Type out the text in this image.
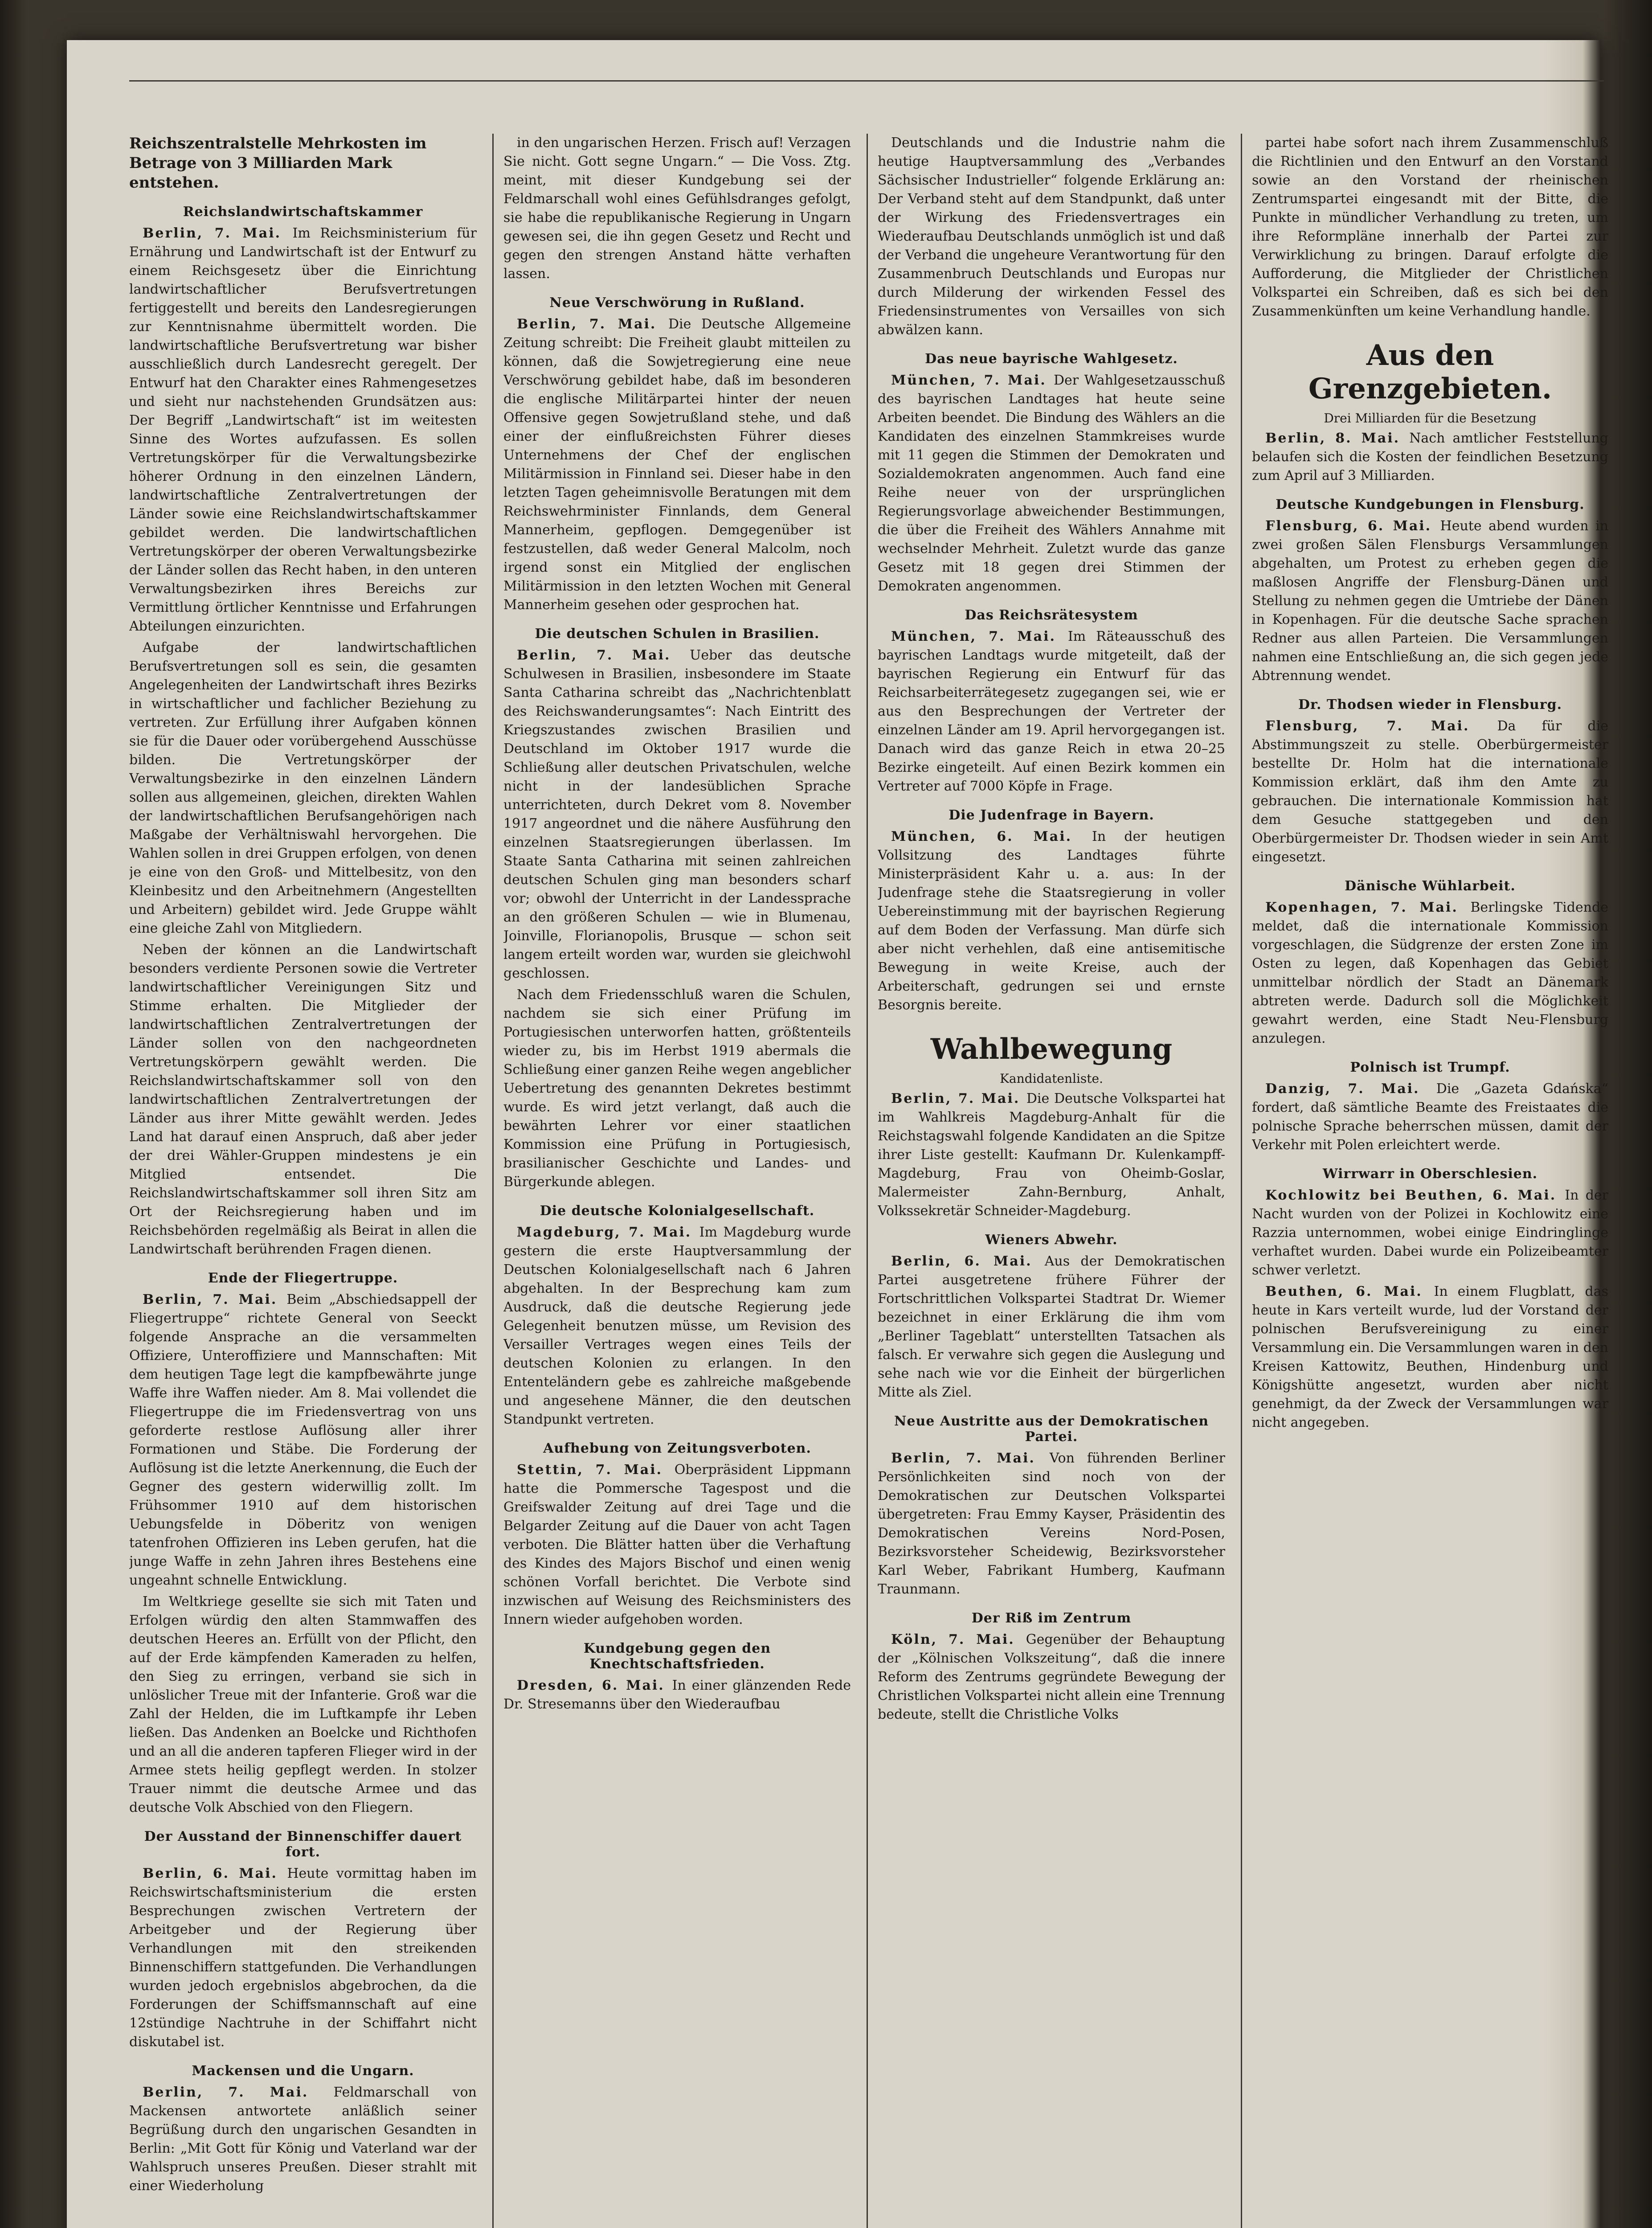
Reichszentralstelle Mehrkosten im Betrage von 3 Milliarden Mark entstehen.
Reichslandwirtschaftskammer

Berlin, 7. Mai. Im Reichsministerium für Ernährung und Landwirtschaft ist der Entwurf zu einem Reichsgesetz über die Einrichtung landwirtschaftlicher Berufsvertretungen fertiggestellt und bereits den Landesregierungen zur Kenntnisnahme übermittelt worden. Die landwirtschaftliche Berufsvertretung war bisher ausschließlich durch Landesrecht geregelt. Der Entwurf hat den Charakter eines Rahmengesetzes und sieht nur nachstehenden Grundsätzen aus: Der Begriff „Landwirtschaft“ ist im weitesten Sinne des Wortes aufzufassen. Es sollen Vertretungskörper für die Verwaltungsbezirke höherer Ordnung in den einzelnen Ländern, landwirtschaftliche Zentralvertretungen der Länder sowie eine Reichslandwirtschaftskammer gebildet werden. Die landwirtschaftlichen Vertretungskörper der oberen Verwaltungsbezirke der Länder sollen das Recht haben, in den unteren Verwaltungsbezirken ihres Bereichs zur Vermittlung örtlicher Kenntnisse und Erfahrungen Abteilungen einzurichten.

Aufgabe der landwirtschaftlichen Berufsvertretungen soll es sein, die gesamten Angelegenheiten der Landwirtschaft ihres Bezirks in wirtschaftlicher und fachlicher Beziehung zu vertreten. Zur Erfüllung ihrer Aufgaben können sie für die Dauer oder vorübergehend Ausschüsse bilden. Die Vertretungskörper der Verwaltungsbezirke in den einzelnen Ländern sollen aus allgemeinen, gleichen, direkten Wahlen der landwirtschaftlichen Berufsangehörigen nach Maßgabe der Verhältniswahl hervorgehen. Die Wahlen sollen in drei Gruppen erfolgen, von denen je eine von den Groß- und Mittelbesitz, von den Kleinbesitz und den Arbeitnehmern (Angestellten und Arbeitern) gebildet wird. Jede Gruppe wählt eine gleiche Zahl von Mitgliedern.

Neben der können an die Landwirtschaft besonders verdiente Personen sowie die Vertreter landwirtschaftlicher Vereinigungen Sitz und Stimme erhalten. Die Mitglieder der landwirtschaftlichen Zentralvertretungen der Länder sollen von den nachgeordneten Vertretungskörpern gewählt werden. Die Reichslandwirtschaftskammer soll von den landwirtschaftlichen Zentralvertretungen der Länder aus ihrer Mitte gewählt werden. Jedes Land hat darauf einen Anspruch, daß aber jeder der drei Wähler-Gruppen mindestens je ein Mitglied entsendet. Die Reichslandwirtschaftskammer soll ihren Sitz am Ort der Reichsregierung haben und im Reichsbehörden regelmäßig als Beirat in allen die Landwirtschaft berührenden Fragen dienen.

Ende der Fliegertruppe.

Berlin, 7. Mai. Beim „Abschiedsappell der Fliegertruppe“ richtete General von Seeckt folgende Ansprache an die versammelten Offiziere, Unteroffiziere und Mannschaften: Mit dem heutigen Tage legt die kampfbewährte junge Waffe ihre Waffen nieder. Am 8. Mai vollendet die Fliegertruppe die im Friedensvertrag von uns geforderte restlose Auflösung aller ihrer Formationen und Stäbe. Die Forderung der Auflösung ist die letzte Anerkennung, die Euch der Gegner des gestern widerwillig zollt. Im Frühsommer 1910 auf dem historischen Uebungsfelde in Döberitz von wenigen tatenfrohen Offizieren ins Leben gerufen, hat die junge Waffe in zehn Jahren ihres Bestehens eine ungeahnt schnelle Entwicklung.

Im Weltkriege gesellte sie sich mit Taten und Erfolgen würdig den alten Stammwaffen des deutschen Heeres an. Erfüllt von der Pflicht, den auf der Erde kämpfenden Kameraden zu helfen, den Sieg zu erringen, verband sie sich in unlöslicher Treue mit der Infanterie. Groß war die Zahl der Helden, die im Luftkampfe ihr Leben ließen. Das Andenken an Boelcke und Richthofen und an all die anderen tapferen Flieger wird in der Armee stets heilig gepflegt werden. In stolzer Trauer nimmt die deutsche Armee und das deutsche Volk Abschied von den Fliegern.

Der Ausstand der Binnenschiffer dauert fort.

Berlin, 6. Mai. Heute vormittag haben im Reichswirtschaftsministerium die ersten Besprechungen zwischen Vertretern der Arbeitgeber und der Regierung über Verhandlungen mit den streikenden Binnenschiffern stattgefunden. Die Verhandlungen wurden jedoch ergebnislos abgebrochen, da die Forderungen der Schiffsmannschaft auf eine 12stündige Nachtruhe in der Schiffahrt nicht diskutabel ist.

Mackensen und die Ungarn.

Berlin, 7. Mai. Feldmarschall von Mackensen antwortete anläßlich seiner Begrüßung durch den ungarischen Gesandten in Berlin: „Mit Gott für König und Vaterland war der Wahlspruch unseres Preußen. Dieser strahlt mit einer Wiederholung

in den ungarischen Herzen. Frisch auf! Verzagen Sie nicht. Gott segne Ungarn.“ — Die Voss. Ztg. meint, mit dieser Kundgebung sei der Feldmarschall wohl eines Gefühlsdranges gefolgt, sie habe die republikanische Regierung in Ungarn gewesen sei, die ihn gegen Gesetz und Recht und gegen den strengen Anstand hätte verhaften lassen.

Neue Verschwörung in Rußland.

Berlin, 7. Mai. Die Deutsche Allgemeine Zeitung schreibt: Die Freiheit glaubt mitteilen zu können, daß die Sowjetregierung eine neue Verschwörung gebildet habe, daß im besonderen die englische Militärpartei hinter der neuen Offensive gegen Sowjetrußland stehe, und daß einer der einflußreichsten Führer dieses Unternehmens der Chef der englischen Militärmission in Finnland sei. Dieser habe in den letzten Tagen geheimnisvolle Beratungen mit dem Reichswehrminister Finnlands, dem General Mannerheim, gepflogen. Demgegenüber ist festzustellen, daß weder General Malcolm, noch irgend sonst ein Mitglied der englischen Militärmission in den letzten Wochen mit General Mannerheim gesehen oder gesprochen hat.

Die deutschen Schulen in Brasilien.

Berlin, 7. Mai. Ueber das deutsche Schulwesen in Brasilien, insbesondere im Staate Santa Catharina schreibt das „Nachrichtenblatt des Reichswanderungsamtes“: Nach Eintritt des Kriegszustandes zwischen Brasilien und Deutschland im Oktober 1917 wurde die Schließung aller deutschen Privatschulen, welche nicht in der landesüblichen Sprache unterrichteten, durch Dekret vom 8. November 1917 angeordnet und die nähere Ausführung den einzelnen Staatsregierungen überlassen. Im Staate Santa Catharina mit seinen zahlreichen deutschen Schulen ging man besonders scharf vor; obwohl der Unterricht in der Landessprache an den größeren Schulen — wie in Blumenau, Joinville, Florianopolis, Brusque — schon seit langem erteilt worden war, wurden sie gleichwohl geschlossen.

Nach dem Friedensschluß waren die Schulen, nachdem sie sich einer Prüfung im Portugiesischen unterworfen hatten, größtenteils wieder zu, bis im Herbst 1919 abermals die Schließung einer ganzen Reihe wegen angeblicher Uebertretung des genannten Dekretes bestimmt wurde. Es wird jetzt verlangt, daß auch die bewährten Lehrer vor einer staatlichen Kommission eine Prüfung in Portugiesisch, brasilianischer Geschichte und Landes- und Bürgerkunde ablegen.

Die deutsche Kolonialgesellschaft.

Magdeburg, 7. Mai. Im Magdeburg wurde gestern die erste Hauptversammlung der Deutschen Kolonialgesellschaft nach 6 Jahren abgehalten. In der Besprechung kam zum Ausdruck, daß die deutsche Regierung jede Gelegenheit benutzen müsse, um Revision des Versailler Vertrages wegen eines Teils der deutschen Kolonien zu erlangen. In den Ententeländern gebe es zahlreiche maßgebende und angesehene Männer, die den deutschen Standpunkt vertreten.

Aufhebung von Zeitungsverboten.

Stettin, 7. Mai. Oberpräsident Lippmann hatte die Pommersche Tagespost und die Greifswalder Zeitung auf drei Tage und die Belgarder Zeitung auf die Dauer von acht Tagen verboten. Die Blätter hatten über die Verhaftung des Kindes des Majors Bischof und einen wenig schönen Vorfall berichtet. Die Verbote sind inzwischen auf Weisung des Reichsministers des Innern wieder aufgehoben worden.

Kundgebung gegen den Knechtschaftsfrieden.

Dresden, 6. Mai. In einer glänzenden Rede Dr. Stresemanns über den Wiederaufbau

Deutschlands und die Industrie nahm die heutige Hauptversammlung des „Verbandes Sächsischer Industrieller“ folgende Erklärung an: Der Verband steht auf dem Standpunkt, daß unter der Wirkung des Friedensvertrages ein Wiederaufbau Deutschlands unmöglich ist und daß der Verband die ungeheure Verantwortung für den Zusammenbruch Deutschlands und Europas nur durch Milderung der wirkenden Fessel des Friedensinstrumentes von Versailles von sich abwälzen kann.

Das neue bayrische Wahlgesetz.

München, 7. Mai. Der Wahlgesetzausschuß des bayrischen Landtages hat heute seine Arbeiten beendet. Die Bindung des Wählers an die Kandidaten des einzelnen Stammkreises wurde mit 11 gegen die Stimmen der Demokraten und Sozialdemokraten angenommen. Auch fand eine Reihe neuer von der ursprünglichen Regierungsvorlage abweichender Bestimmungen, die über die Freiheit des Wählers Annahme mit wechselnder Mehrheit. Zuletzt wurde das ganze Gesetz mit 18 gegen drei Stimmen der Demokraten angenommen.

Das Reichsrätesystem

München, 7. Mai. Im Räteausschuß des bayrischen Landtags wurde mitgeteilt, daß der bayrischen Regierung ein Entwurf für das Reichsarbeiterrätegesetz zugegangen sei, wie er aus den Besprechungen der Vertreter der einzelnen Länder am 19. April hervorgegangen ist. Danach wird das ganze Reich in etwa 20–25 Bezirke eingeteilt. Auf einen Bezirk kommen ein Vertreter auf 7000 Köpfe in Frage.

Die Judenfrage in Bayern.

München, 6. Mai. In der heutigen Vollsitzung des Landtages führte Ministerpräsident Kahr u. a. aus: In der Judenfrage stehe die Staatsregierung in voller Uebereinstimmung mit der bayrischen Regierung auf dem Boden der Verfassung. Man dürfe sich aber nicht verhehlen, daß eine antisemitische Bewegung in weite Kreise, auch der Arbeiterschaft, gedrungen sei und ernste Besorgnis bereite.

Wahlbewegung
Kandidatenliste.

Berlin, 7. Mai. Die Deutsche Volkspartei hat im Wahlkreis Magdeburg-Anhalt für die Reichstagswahl folgende Kandidaten an die Spitze ihrer Liste gestellt: Kaufmann Dr. Kulenkampff-Magdeburg, Frau von Oheimb-Goslar, Malermeister Zahn-Bernburg, Anhalt, Volkssekretär Schneider-Magdeburg.

Wieners Abwehr.

Berlin, 6. Mai. Aus der Demokratischen Partei ausgetretene frühere Führer der Fortschrittlichen Volkspartei Stadtrat Dr. Wiemer bezeichnet in einer Erklärung die ihm vom „Berliner Tageblatt“ unterstellten Tatsachen als falsch. Er verwahre sich gegen die Auslegung und sehe nach wie vor die Einheit der bürgerlichen Mitte als Ziel.

Neue Austritte aus der Demokratischen Partei.

Berlin, 7. Mai. Von führenden Berliner Persönlichkeiten sind noch von der Demokratischen zur Deutschen Volkspartei übergetreten: Frau Emmy Kayser, Präsidentin des Demokratischen Vereins Nord-Posen, Bezirksvorsteher Scheidewig, Bezirksvorsteher Karl Weber, Fabrikant Humberg, Kaufmann Traunmann.

Der Riß im Zentrum

Köln, 7. Mai. Gegenüber der Behauptung der „Kölnischen Volkszeitung“, daß die innere Reform des Zentrums gegründete Bewegung der Christlichen Volkspartei nicht allein eine Trennung bedeute, stellt die Christliche Volks

partei habe sofort nach ihrem Zusammenschluß die Richtlinien und den Entwurf an den Vorstand sowie an den Vorstand der rheinischen Zentrumspartei eingesandt mit der Bitte, die Punkte in mündlicher Verhandlung zu treten, um ihre Reformpläne innerhalb der Partei zur Verwirklichung zu bringen. Darauf erfolgte die Aufforderung, die Mitglieder der Christlichen Volkspartei ein Schreiben, daß es sich bei den Zusammenkünften um keine Verhandlung handle.

Aus den Grenzgebieten.
Drei Milliarden für die Besetzung

Berlin, 8. Mai. Nach amtlicher Feststellung belaufen sich die Kosten der feindlichen Besetzung zum April auf 3 Milliarden.

Deutsche Kundgebungen in Flensburg.

Flensburg, 6. Mai. Heute abend wurden in zwei großen Sälen Flensburgs Versammlungen abgehalten, um Protest zu erheben gegen die maßlosen Angriffe der Flensburg-Dänen und Stellung zu nehmen gegen die Umtriebe der Dänen in Kopenhagen. Für die deutsche Sache sprachen Redner aus allen Parteien. Die Versammlungen nahmen eine Entschließung an, die sich gegen jede Abtrennung wendet.

Dr. Thodsen wieder in Flensburg.

Flensburg, 7. Mai. Da für die Abstimmungszeit zu stelle. Oberbürgermeister bestellte Dr. Holm hat die internationale Kommission erklärt, daß ihm den Amte zu gebrauchen. Die internationale Kommission hat dem Gesuche stattgegeben und den Oberbürgermeister Dr. Thodsen wieder in sein Amt eingesetzt.

Dänische Wühlarbeit.

Kopenhagen, 7. Mai. Berlingske Tidende meldet, daß die internationale Kommission vorgeschlagen, die Südgrenze der ersten Zone im Osten zu legen, daß Kopenhagen das Gebiet unmittelbar nördlich der Stadt an Dänemark abtreten werde. Dadurch soll die Möglichkeit gewahrt werden, eine Stadt Neu-Flensburg anzulegen.

Polnisch ist Trumpf.

Danzig, 7. Mai. Die „Gazeta Gdańska“ fordert, daß sämtliche Beamte des Freistaates die polnische Sprache beherrschen müssen, damit der Verkehr mit Polen erleichtert werde.

Wirrwarr in Oberschlesien.

Kochlowitz bei Beuthen, 6. Mai. In der Nacht wurden von der Polizei in Kochlowitz eine Razzia unternommen, wobei einige Eindringlinge verhaftet wurden. Dabei wurde ein Polizeibeamter schwer verletzt.

Beuthen, 6. Mai. In einem Flugblatt, das heute in Kars verteilt wurde, lud der Vorstand der polnischen Berufsvereinigung zu einer Versammlung ein. Die Versammlungen waren in den Kreisen Kattowitz, Beuthen, Hindenburg und Königshütte angesetzt, wurden aber nicht genehmigt, da der Zweck der Versammlungen war nicht angegeben.
